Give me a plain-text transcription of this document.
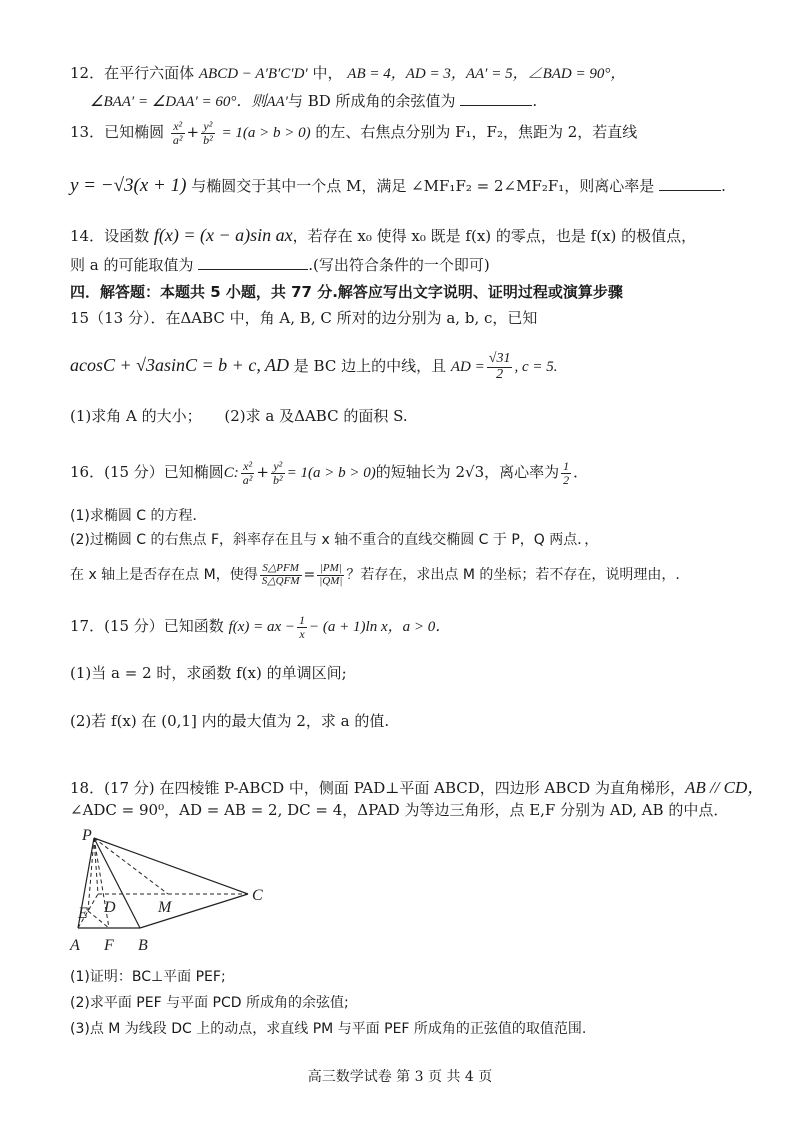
12．在平行六面体 ABCD − A′B′C′D′ 中， AB = 4，AD = 3，AA′ = 5，∠BAD = 90°，
∠BAA′ = ∠DAA′ = 60°．则AA′与 BD 所成角的余弦值为	.
13．已知椭圆 $\frac{\text{x²}}{\text{a²}} + \frac{\text{y²}}{\text{b²}} = 1(a > b > 0)$ 的左、右焦点分别为 F₁，F₂，焦距为 2，若直线
y = −√3(x + 1) 与椭圆交于其中一个点 M，满足 ∠MF₁F₂ = 2∠MF₂F₁，则离心率是	.
14．设函数 f(x) = (x − a)sin ax，若存在 x₀ 使得 x₀ 既是 f(x) 的零点，也是 f(x) 的极值点，
则 a 的可能取值为	.(写出符合条件的一个即可)
四．解答题：本题共 5 小题，共 77 分.解答应写出文字说明、证明过程或演算步骤
15（13 分）．在ΔABC 中，角 A, B, C 所对的边分别为 a, b, c，已知
acosC + √3asinC = b + c, AD 是 BC 边上的中线，且 AD = $\frac{√31}{2}$ , c = 5.
(1)求角 A 的大小； (2)求 a 及ΔABC 的面积 S.
16．(15 分）已知椭圆C: $\frac{\text{x²}}{\text{a²}} + \frac{\text{y²}}{\text{b²}} = 1(a > b > 0)$的短轴长为 2√3，离心率为 $\frac{1}{2}$ ．
(1)求椭圆 C 的方程．
(2)过椭圆 C 的右焦点 F，斜率存在且与 x 轴不重合的直线交椭圆 C 于 P，Q 两点．，
在 x 轴上是否存在点 M，使得 $\frac{\text{S△PFM}}{\text{S△QFM}} = \frac{|PM|}{|QM|}$ ？若存在，求出点 M 的坐标；若不存在，说明理由，.
17．(15 分）已知函数 f(x) = ax − $\frac{1}{x} - (a + 1)\ln$ x，a > 0．
(1)当 a = 2 时，求函数 f(x) 的单调区间;
(2)若 f(x) 在 (0,1] 内的最大值为 2，求 a 的值.
18．(17 分) 在四棱锥 P-ABCD 中，侧面 PAD⊥平面 ABCD，四边形 ABCD 为直角梯形，AB // CD，
∠ADC = 90⁰，AD = AB = 2, DC = 4，ΔPAD 为等边三角形，点 E,F 分别为 AD, AB 的中点．
P
A F B
C
D
E	M
(1)证明：BC⊥平面 PEF;
(2)求平面 PEF 与平面 PCD 所成角的余弦值;
(3)点 M 为线段 DC 上的动点，求直线 PM 与平面 PEF 所成角的正弦值的取值范围.
高三数学试卷 第 3 页 共 4 页
